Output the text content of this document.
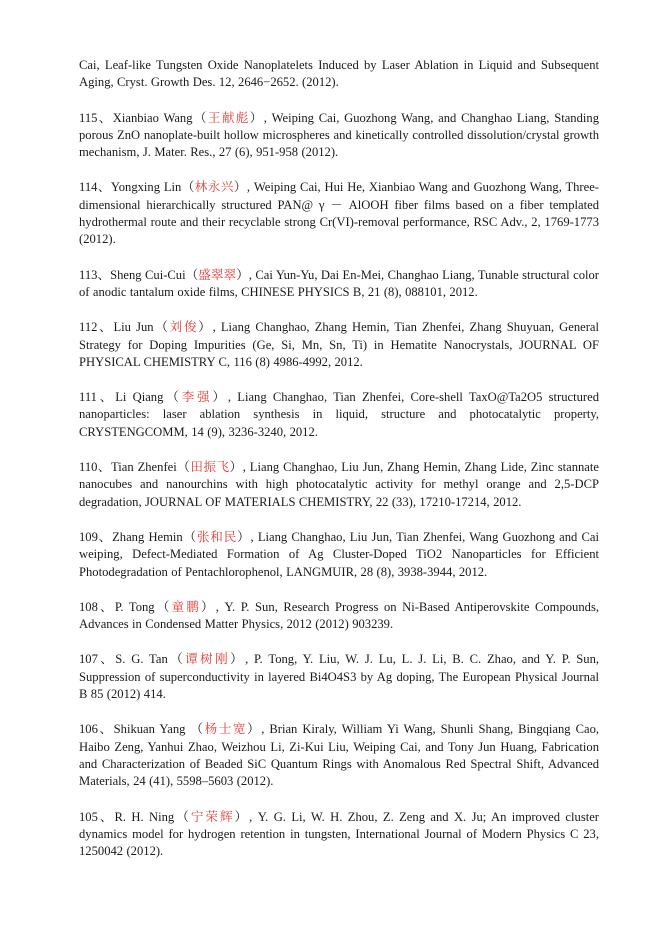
Cai, Leaf-like Tungsten Oxide Nanoplatelets Induced by Laser Ablation in Liquid and Subsequent Aging, Cryst. Growth Des. 12, 2646−2652. (2012).

115、Xianbiao Wang（王献彪）, Weiping Cai, Guozhong Wang, and Changhao Liang, Standing porous ZnO nanoplate-built hollow microspheres and kinetically controlled dissolution/crystal growth mechanism, J. Mater. Res., 27 (6), 951-958 (2012).

114、Yongxing Lin（林永兴）, Weiping Cai, Hui He, Xianbiao Wang and Guozhong Wang, Three-dimensional hierarchically structured PAN@ γ － AlOOH fiber films based on a fiber templated hydrothermal route and their recyclable strong Cr(VI)-removal performance, RSC Adv., 2, 1769-1773 (2012).

113、Sheng Cui-Cui（盛翠翠）, Cai Yun-Yu, Dai En-Mei, Changhao Liang, Tunable structural color of anodic tantalum oxide films, CHINESE PHYSICS B, 21 (8), 088101, 2012.

112、Liu Jun（刘俊）, Liang Changhao, Zhang Hemin, Tian Zhenfei, Zhang Shuyuan, General Strategy for Doping Impurities (Ge, Si, Mn, Sn, Ti) in Hematite Nanocrystals, JOURNAL OF PHYSICAL CHEMISTRY C, 116 (8) 4986-4992, 2012.

111、Li Qiang（李强）, Liang Changhao, Tian Zhenfei, Core-shell TaxO@Ta2O5 structured nanoparticles: laser ablation synthesis in liquid, structure and photocatalytic property, CRYSTENGCOMM, 14 (9), 3236-3240, 2012.

110、Tian Zhenfei（田振飞）, Liang Changhao, Liu Jun, Zhang Hemin, Zhang Lide, Zinc stannate nanocubes and nanourchins with high photocatalytic activity for methyl orange and 2,5-DCP degradation, JOURNAL OF MATERIALS CHEMISTRY, 22 (33), 17210-17214, 2012.

109、Zhang Hemin（张和民）, Liang Changhao, Liu Jun, Tian Zhenfei, Wang Guozhong and Cai weiping, Defect-Mediated Formation of Ag Cluster-Doped TiO2 Nanoparticles for Efficient Photodegradation of Pentachlorophenol, LANGMUIR, 28 (8), 3938-3944, 2012.

108、P. Tong（童鹏）, Y. P. Sun, Research Progress on Ni-Based Antiperovskite Compounds, Advances in Condensed Matter Physics, 2012 (2012) 903239.

107、S. G. Tan（谭树刚）, P. Tong, Y. Liu, W. J. Lu, L. J. Li, B. C. Zhao, and Y. P. Sun, Suppression of superconductivity in layered Bi4O4S3 by Ag doping, The European Physical Journal B 85 (2012) 414.

106、Shikuan Yang （杨士宽）, Brian Kiraly, William Yi Wang, Shunli Shang, Bingqiang Cao, Haibo Zeng, Yanhui Zhao, Weizhou Li, Zi-Kui Liu, Weiping Cai, and Tony Jun Huang, Fabrication and Characterization of Beaded SiC Quantum Rings with Anomalous Red Spectral Shift, Advanced Materials, 24 (41), 5598–5603 (2012).

105、R. H. Ning（宁荣辉）, Y. G. Li, W. H. Zhou, Z. Zeng and X. Ju; An improved cluster dynamics model for hydrogen retention in tungsten, International Journal of Modern Physics C 23, 1250042 (2012).
